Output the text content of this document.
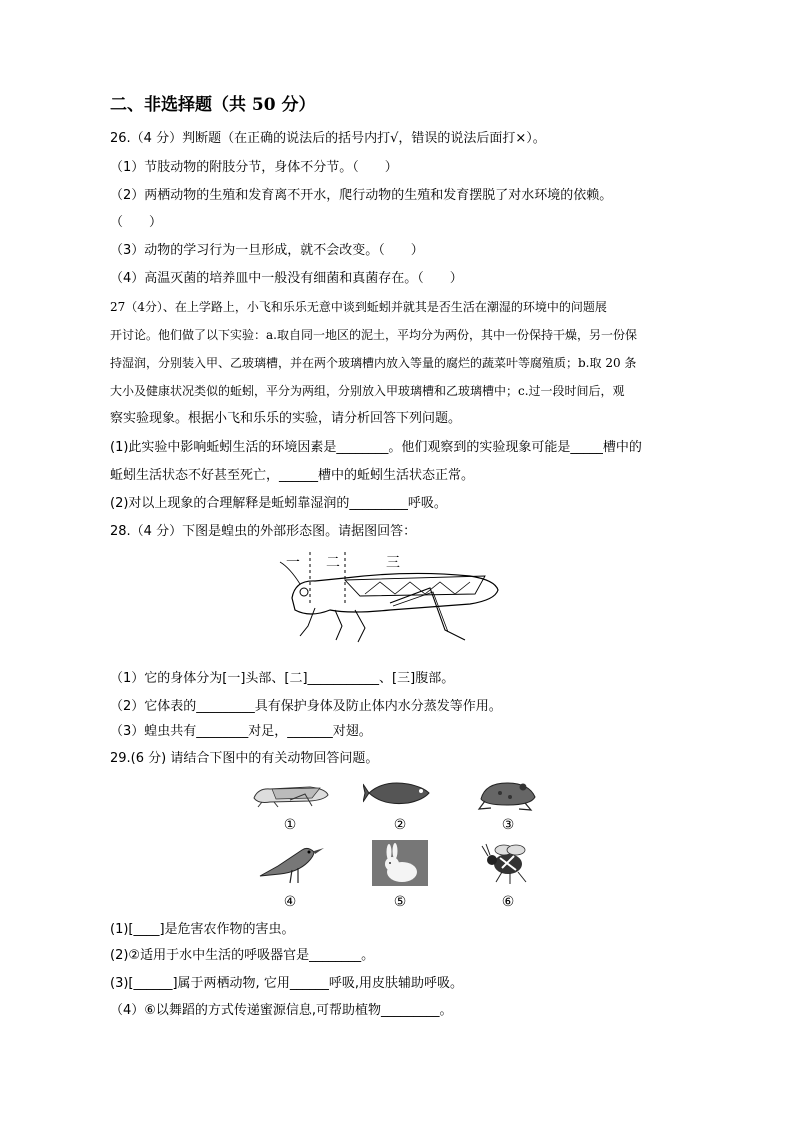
二、非选择题（共 50 分）
26.（4 分）判断题（在正确的说法后的括号内打√，错误的说法后面打×）。
（1）节肢动物的附肢分节，身体不分节。（　　）
（2）两栖动物的生殖和发育离不开水，爬行动物的生殖和发育摆脱了对水环境的依赖。
（　　）
（3）动物的学习行为一旦形成，就不会改变。（　　）
（4）高温灭菌的培养皿中一般没有细菌和真菌存在。（　　）
27（4分）、在上学路上，小飞和乐乐无意中谈到蚯蚓并就其是否生活在潮湿的环境中的问题展
开讨论。他们做了以下实验：a.取自同一地区的泥土，平均分为两份，其中一份保持干燥，另一份保
持湿润，分别装入甲、乙玻璃槽，并在两个玻璃槽内放入等量的腐烂的蔬菜叶等腐殖质；b.取 20 条
大小及健康状况类似的蚯蚓，平分为两组，分别放入甲玻璃槽和乙玻璃槽中；c.过一段时间后，观
察实验现象。根据小飞和乐乐的实验，请分析回答下列问题。
(1)此实验中影响蚯蚓生活的环境因素是________。他们观察到的实验现象可能是_____槽中的
蚯蚓生活状态不好甚至死亡，______槽中的蚯蚓生活状态正常。
(2)对以上现象的合理解释是蚯蚓靠湿润的_________呼吸。
28.（4 分）下图是蝗虫的外部形态图。请据图回答：
一	二	三
（1）它的身体分为[一]头部、[二]___________、[三]腹部。
（2）它体表的_________具有保护身体及防止体内水分蒸发等作用。
（3）蝗虫共有________对足，_______对翅。
29.(6 分) 请结合下图中的有关动物回答问题。
①	②	③
④	⑤	⑥
(1)[____]是危害农作物的害虫。
(2)②适用于水中生活的呼吸器官是________。
(3)[______]属于两栖动物, 它用______呼吸,用皮肤辅助呼吸。
（4）⑥以舞蹈的方式传递蜜源信息,可帮助植物_________。
